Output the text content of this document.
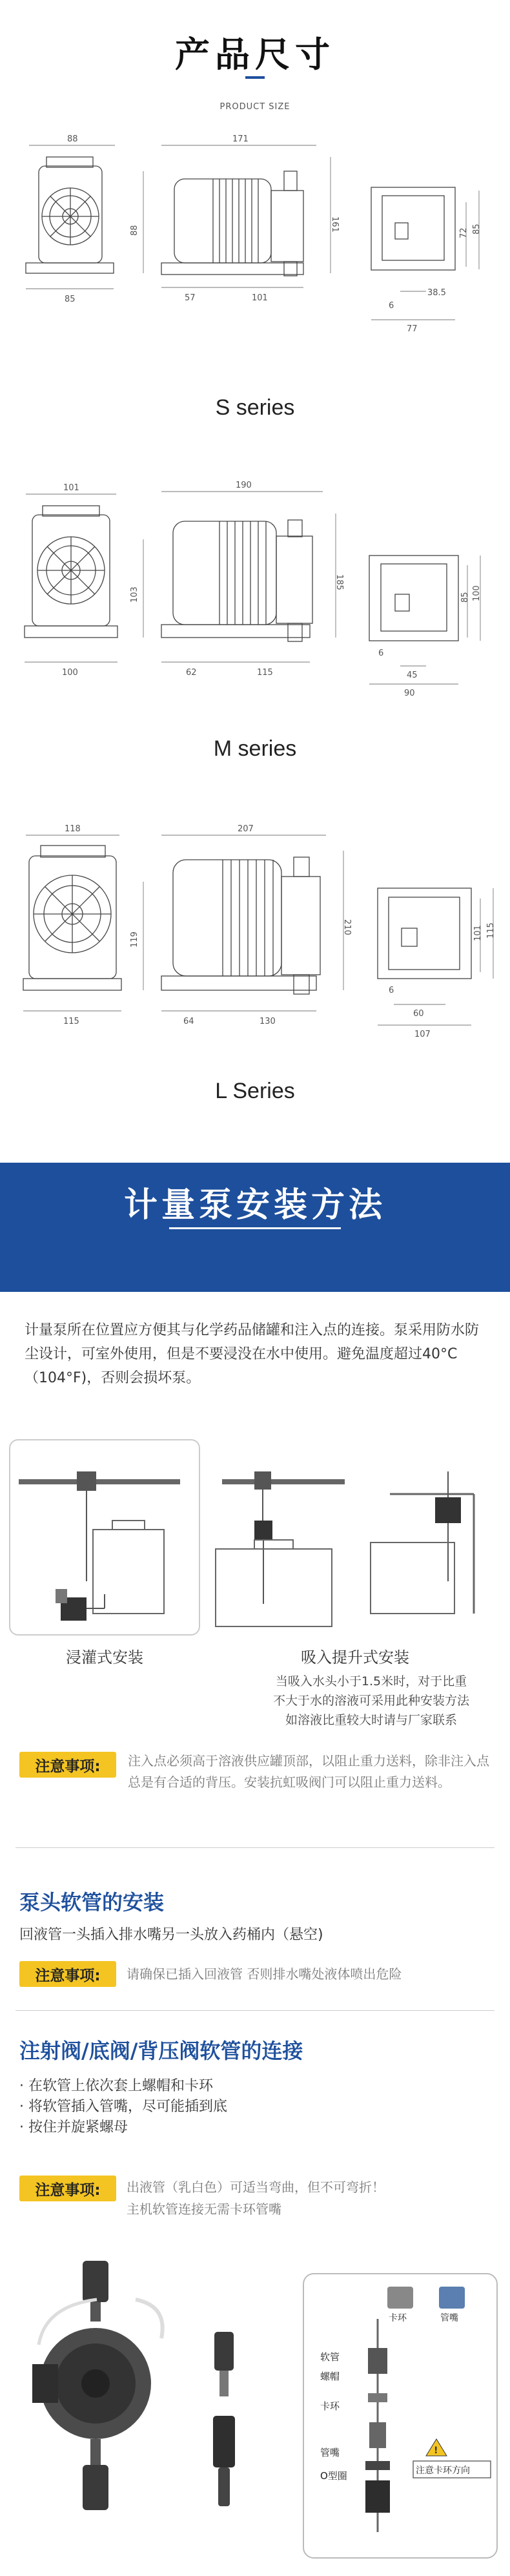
产品尺寸
PRODUCT SIZE
88
85
171
88	161
57	101
72 85
38.5
6
77
S series
101
100
190
103
185
62	115
85 100
6
45
90
M series
118
115
207
119
210
64	130
101 115
6
60
107
L Series
计量泵安装方法
计量泵所在位置应方便其与化学药品储罐和注入点的连接。泵采用防水防尘设计，可室外使用，但是不要浸没在水中使用。避免温度超过40°C（104°F)，否则会损坏泵。
浸灌式安装	吸入提升式安装
当吸入水头小于1.5米时，对于比重
不大于水的溶液可采用此种安装方法
如溶液比重较大时请与厂家联系
注意事项:	注入点必须高于溶液供应罐顶部，以阻止重力送料，除非注入点总是有合适的背压。安装抗虹吸阀门可以阻止重力送料。
泵头软管的安装
回液管一头插入排水嘴另一头放入药桶内（悬空)
注意事项:	请确保已插入回液管 否则排水嘴处液体喷出危险
注射阀/底阀/背压阀软管的连接
· 在软管上依次套上螺帽和卡环
· 将软管插入管嘴，尽可能插到底
· 按住并旋紧螺母
注意事项:	出液管（乳白色）可适当弯曲，但不可弯折！
主机软管连接无需卡环管嘴
!
软管
螺帽
卡环
管嘴
O型圈
卡环	管嘴
注意卡环方向
